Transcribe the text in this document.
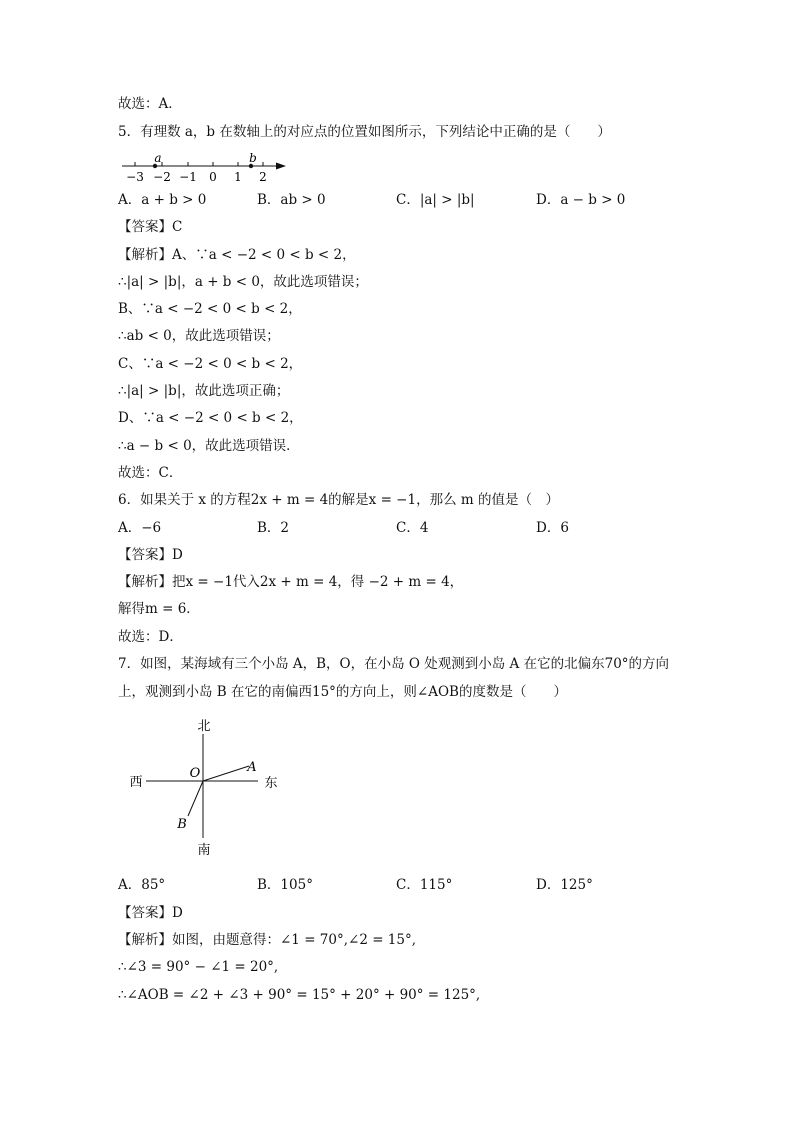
故选：A．
5．有理数 a，b 在数轴上的对应点的位置如图所示，下列结论中正确的是（　　）
a	b
−3 −2 −1 0 1 2
A．a + b > 0	B．ab > 0	C．|a| > |b|	D．a − b > 0
【答案】C
【解析】A、∵a < −2 < 0 < b < 2，
∴|a| > |b|，a + b < 0，故此选项错误；
B、∵a < −2 < 0 < b < 2，
∴ab < 0，故此选项错误；
C、∵a < −2 < 0 < b < 2，
∴|a| > |b|，故此选项正确；
D、∵a < −2 < 0 < b < 2，
∴a − b < 0，故此选项错误．
故选：C．
6．如果关于 x 的方程2x + m = 4的解是x = −1，那么 m 的值是（　）
A．−6	B．2	C．4	D．6
【答案】D
【解析】把x = −1代入2x + m = 4，得 −2 + m = 4，
解得m = 6．
故选：D．
7．如图，某海域有三个小岛 A，B，O，在小岛 O 处观测到小岛 A 在它的北偏东70°的方向
上，观测到小岛 B 在它的南偏西15°的方向上，则∠AOB的度数是（　　）
北
南
西	东
O	A
B
A．85°	B．105°	C．115°	D．125°
【答案】D
【解析】如图，由题意得：∠1 = 70°,∠2 = 15°,
∴∠3 = 90° − ∠1 = 20°,
∴∠AOB = ∠2 + ∠3 + 90° = 15° + 20° + 90° = 125°,
